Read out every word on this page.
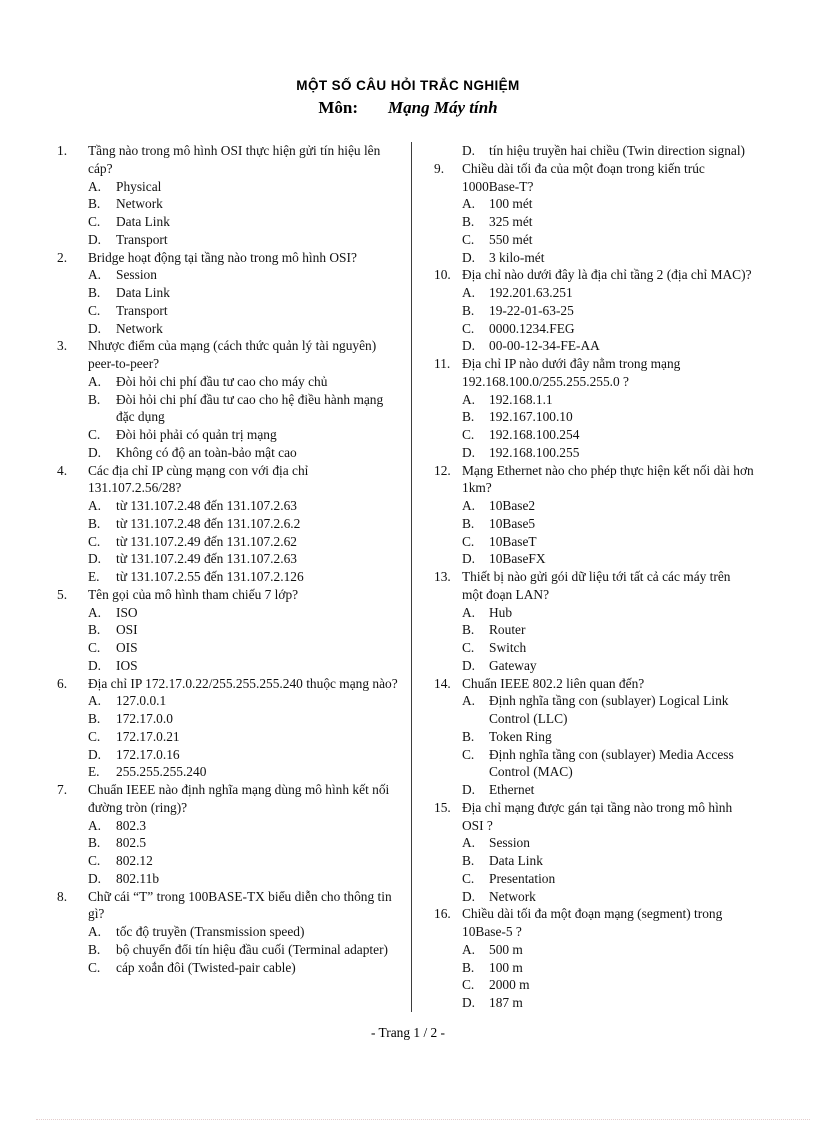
MỘT SỐ CÂU HỎI TRẮC NGHIỆM
Môn: Mạng Máy tính
1.	Tầng nào trong mô hình OSI thực hiện gửi tín hiệu lên cáp?
A.	Physical
B.	Network
C.	Data Link
D.	Transport
2.	Bridge hoạt động tại tầng nào trong mô hình OSI?
A.	Session
B.	Data Link
C.	Transport
D.	Network
3.	Nhược điểm của mạng (cách thức quản lý tài nguyên) peer-to-peer?
A.	Đòi hỏi chi phí đầu tư cao cho máy chủ
B.	Đòi hỏi chi phí đầu tư cao cho hệ điều hành mạng đặc dụng
C.	Đòi hỏi phải có quản trị mạng
D.	Không có độ an toàn-bảo mật cao
4.	Các địa chỉ IP cùng mạng con với địa chỉ 131.107.2.56/28?
A.	từ 131.107.2.48 đến 131.107.2.63
B.	từ 131.107.2.48 đến 131.107.2.6.2
C.	từ 131.107.2.49 đến 131.107.2.62
D.	từ 131.107.2.49 đến 131.107.2.63
E.	từ 131.107.2.55 đến 131.107.2.126
5.	Tên gọi của mô hình tham chiếu 7 lớp?
A.	ISO
B.	OSI
C.	OIS
D.	IOS
6.	Địa chỉ IP 172.17.0.22/255.255.255.240 thuộc mạng nào?
A.	127.0.0.1
B.	172.17.0.0
C.	172.17.0.21
D.	172.17.0.16
E.	255.255.255.240
7.	Chuẩn IEEE nào định nghĩa mạng dùng mô hình kết nối đường tròn (ring)?
A.	802.3
B.	802.5
C.	802.12
D.	802.11b
8.	Chữ cái “T” trong 100BASE-TX biểu diễn cho thông tin gì?
A.	tốc độ truyền (Transmission speed)
B.	bộ chuyển đổi tín hiệu đầu cuối (Terminal adapter)
C.	cáp xoắn đôi (Twisted-pair cable)
D.	tín hiệu truyền hai chiều (Twin direction signal)
9.	Chiều dài tối đa của một đoạn trong kiến trúc 1000Base-T?
A.	100 mét
B.	325 mét
C.	550 mét
D.	3 kilo-mét
10. Địa chỉ nào dưới đây là địa chỉ tầng 2 (địa chỉ MAC)?
A.	192.201.63.251
B.	19-22-01-63-25
C.	0000.1234.FEG
D.	00-00-12-34-FE-AA
11. Địa chỉ IP nào dưới đây nằm trong mạng 192.168.100.0/255.255.255.0 ?
A.	192.168.1.1
B.	192.167.100.10
C.	192.168.100.254
D.	192.168.100.255
12. Mạng Ethernet nào cho phép thực hiện kết nối dài hơn 1km?
A.	10Base2
B.	10Base5
C.	10BaseT
D.	10BaseFX
13. Thiết bị nào gửi gói dữ liệu tới tất cả các máy trên một đoạn LAN?
A.	Hub
B.	Router
C.	Switch
D.	Gateway
14. Chuẩn IEEE 802.2 liên quan đến?
A.	Định nghĩa tầng con (sublayer) Logical Link Control (LLC)
B.	Token Ring
C.	Định nghĩa tầng con (sublayer) Media Access Control (MAC)
D.	Ethernet
15. Địa chỉ mạng được gán tại tầng nào trong mô hình OSI ?
A.	Session
B.	Data Link
C.	Presentation
D.	Network
16. Chiều dài tối đa một đoạn mạng (segment) trong 10Base-5 ?
A.	500 m
B.	100 m
C.	2000 m
D.	187 m
- Trang 1 / 2 -
